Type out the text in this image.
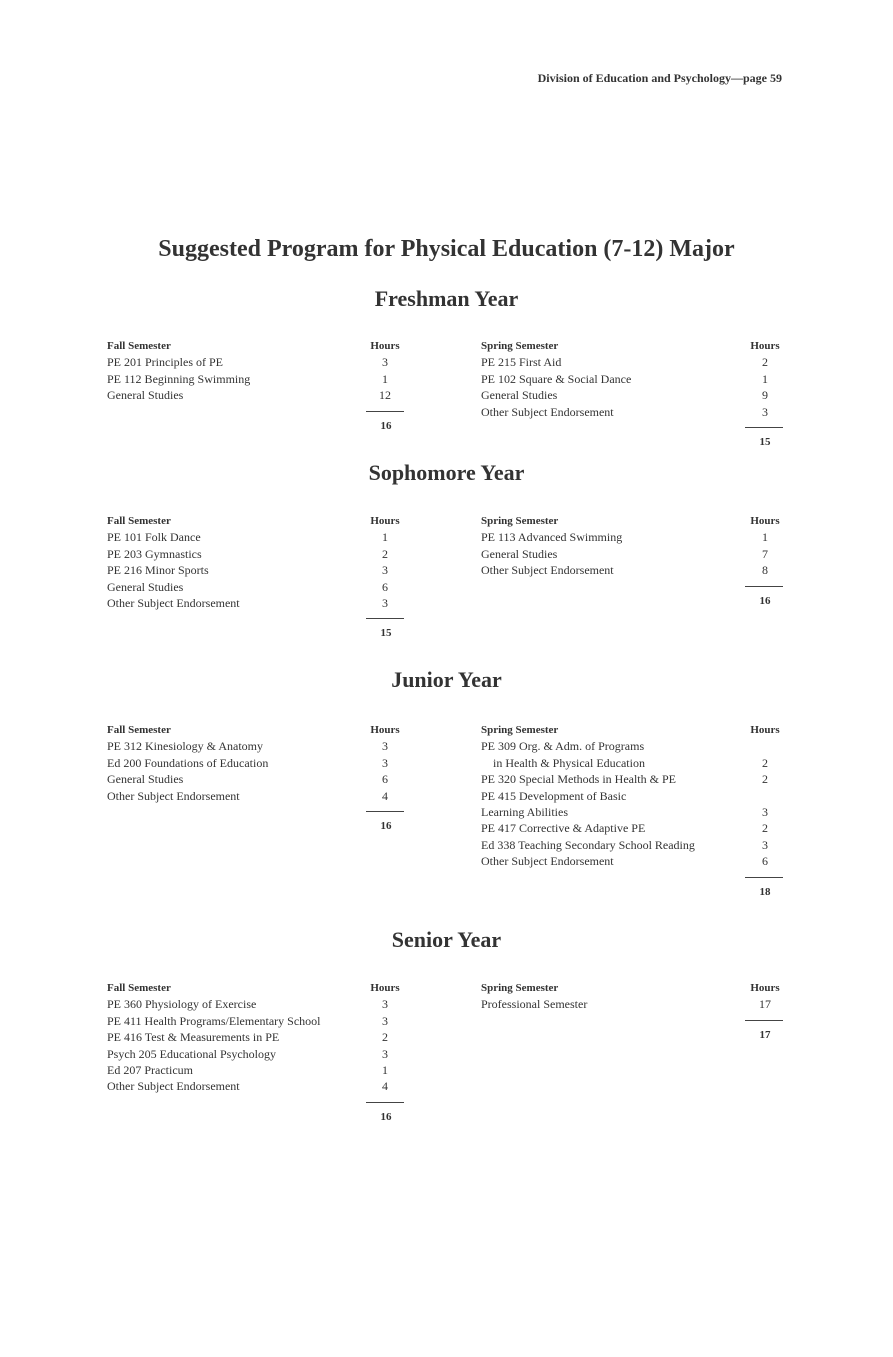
Division of Education and Psychology—page 59
Suggested Program for Physical Education (7-12) Major
Freshman Year
Fall Semester	Hours
PE 201 Principles of PE	3
PE 112 Beginning Swimming	1
General Studies	12
16
Spring Semester	Hours
PE 215 First Aid	2
PE 102 Square & Social Dance	1
General Studies	9
Other Subject Endorsement	3
15
Sophomore Year
Fall Semester	Hours
PE 101 Folk Dance	1
PE 203 Gymnastics	2
PE 216 Minor Sports	3
General Studies	6
Other Subject Endorsement	3
15
Spring Semester	Hours
PE 113 Advanced Swimming	1
General Studies	7
Other Subject Endorsement	8
16
Junior Year
Fall Semester	Hours
PE 312 Kinesiology & Anatomy	3
Ed 200 Foundations of Education	3
General Studies	6
Other Subject Endorsement	4
16
Spring Semester	Hours
PE 309 Org. & Adm. of Programs
in Health & Physical Education	2
PE 320 Special Methods in Health & PE	2
PE 415 Development of Basic
Learning Abilities	3
PE 417 Corrective & Adaptive PE	2
Ed 338 Teaching Secondary School Reading	3
Other Subject Endorsement	6
18
Senior Year
Fall Semester	Hours
PE 360 Physiology of Exercise	3
PE 411 Health Programs/Elementary School	3
PE 416 Test & Measurements in PE	2
Psych 205 Educational Psychology	3
Ed 207 Practicum	1
Other Subject Endorsement	4
16
Spring Semester	Hours
Professional Semester	17
17
